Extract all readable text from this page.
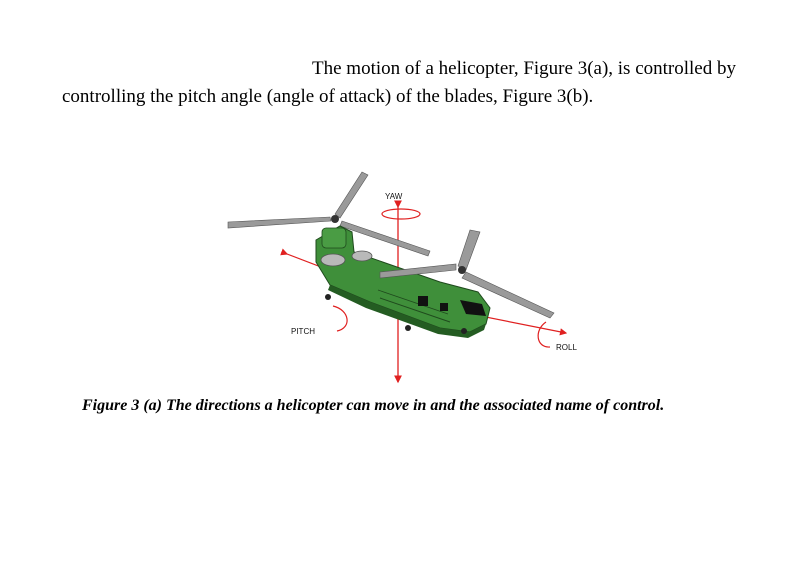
The motion of a helicopter, Figure 3(a), is controlled by
controlling the pitch angle (angle of attack) of the blades, Figure 3(b).
YAW
PITCH
ROLL
Figure 3 (a) The directions a helicopter can move in and the associated name of control.
